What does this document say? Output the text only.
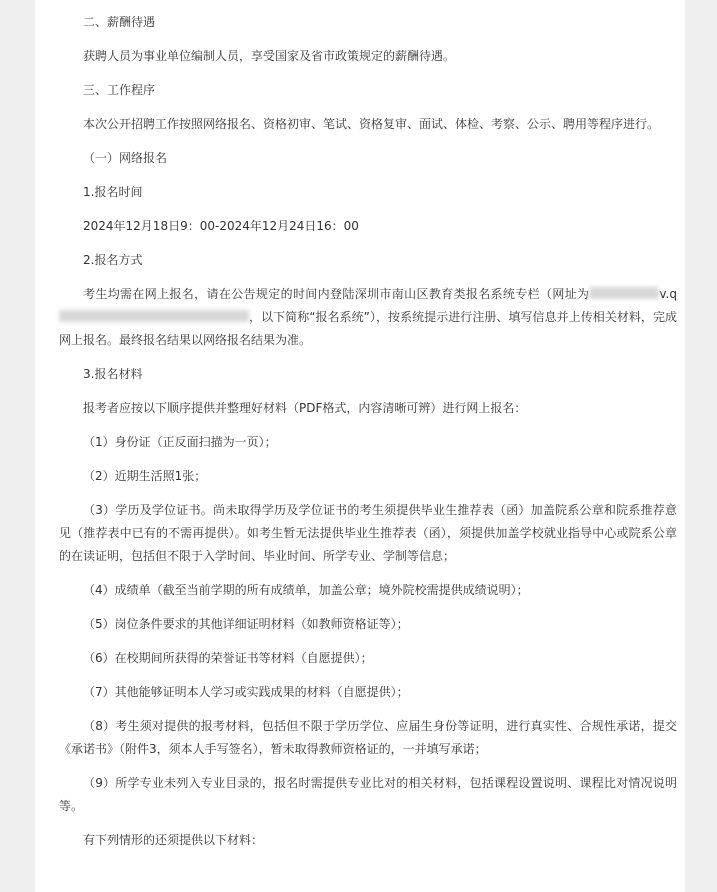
二、薪酬待遇

获聘人员为事业单位编制人员，享受国家及省市政策规定的薪酬待遇。

三、工作程序

本次公开招聘工作按照网络报名、资格初审、笔试、资格复审、面试、体检、考察、公示、聘用等程序进行。

（一）网络报名

1.报名时间

2024年12月18日9：00-2024年12月24日16：00

2.报名方式

考生均需在网上报名，请在公告规定的时间内登陆深圳市南山区教育类报名系统专栏（网址为	v.q，以下简称“报名系统”），按系统提示进行注册、填写信息并上传相关材料，完成网上报名。最终报名结果以网络报名结果为准。

3.报名材料

报考者应按以下顺序提供并整理好材料（PDF格式，内容清晰可辨）进行网上报名：

（1）身份证（正反面扫描为一页）；

（2）近期生活照1张；

（3）学历及学位证书。尚未取得学历及学位证书的考生须提供毕业生推荐表（函）加盖院系公章和院系推荐意见（推荐表中已有的不需再提供）。如考生暂无法提供毕业生推荐表（函），须提供加盖学校就业指导中心或院系公章的在读证明，包括但不限于入学时间、毕业时间、所学专业、学制等信息；

（4）成绩单（截至当前学期的所有成绩单，加盖公章；境外院校需提供成绩说明）；

（5）岗位条件要求的其他详细证明材料（如教师资格证等）；

（6）在校期间所获得的荣誉证书等材料（自愿提供）；

（7）其他能够证明本人学习或实践成果的材料（自愿提供）；

（8）考生须对提供的报考材料，包括但不限于学历学位、应届生身份等证明，进行真实性、合规性承诺，提交《承诺书》（附件3，须本人手写签名），暂未取得教师资格证的，一并填写承诺；

（9）所学专业未列入专业目录的，报名时需提供专业比对的相关材料，包括课程设置说明、课程比对情况说明等。

有下列情形的还须提供以下材料：
